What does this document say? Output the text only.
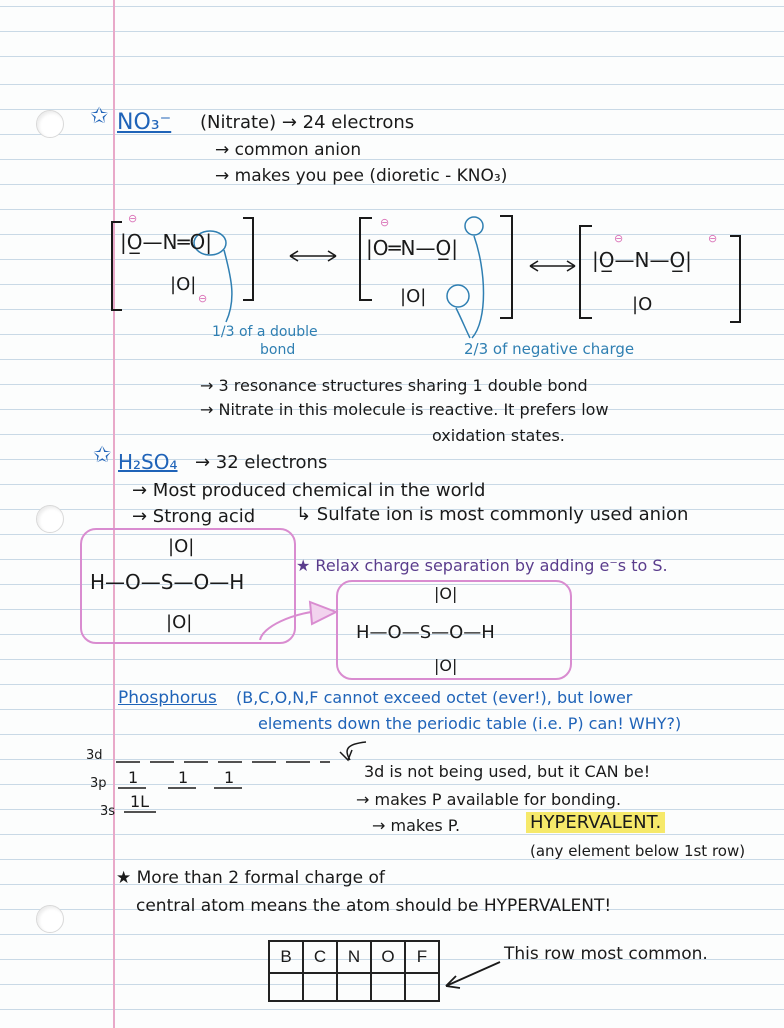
✩ NO₃⁻ (Nitrate) → 24 electrons
→ common anion
→ makes you pee (dioretic - KNO₃)
|O̲—N═O|
|O|
|O═N—O̲|
|O|
|O̲—N—O̲|
|O
⊖
⊖
⊖
⊖	⊖
1/3 of a double
bond	2/3 of negative charge
→ 3 resonance structures sharing 1 double bond
→ Nitrate in this molecule is reactive. It prefers low
oxidation states.
✩ H₂SO₄ → 32 electrons
→ Most produced chemical in the world
→ Strong acid ↳ Sulfate ion is most commonly used anion
|O|
H—O—S—O—H
|O|
★ Relax charge separation by adding e⁻s to S.
|O|
H—O—S—O—H
|O|
Phosphorus (B,C,O,N,F cannot exceed octet (ever!), but lower
elements down the periodic table (i.e. P) can! WHY?)
3d
3p
3s
1 1 1
1L
3d is not being used, but it CAN be!
→ makes P available for bonding.
→ makes P.	HYPERVALENT.
(any element below 1st row)
★ More than 2 formal charge of
central atom means the atom should be HYPERVALENT!
B	C	N	O	F
					This row most common.
